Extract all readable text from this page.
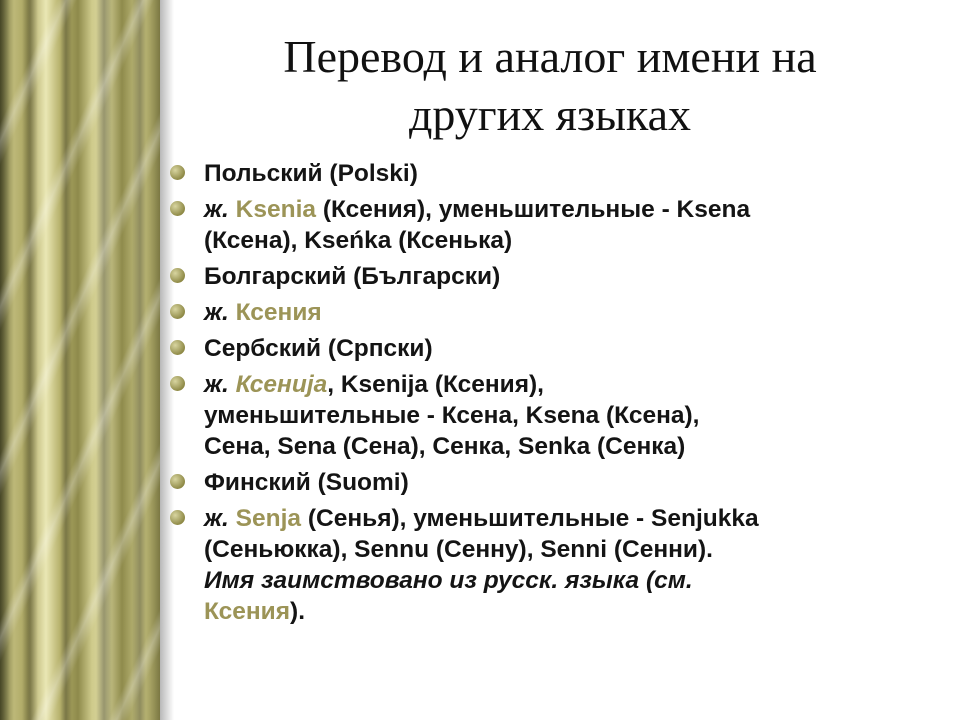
Перевод и аналог имени на
других языках
Польский (Polski)
ж. Ksenia (Ксения), уменьшительные - Ksena
(Ксена), Kseńka (Ксенька)
Болгарский (Български)
ж. Ксения
Сербский (Српски)
ж. Ксениjа, Ksenija (Ксения),
уменьшительные - Ксена, Ksena (Ксена),
Сена, Sena (Сена), Сенка, Senka (Сенка)
Финский (Suomi)
ж. Senja (Сенья), уменьшительные - Senjukka
(Сеньюкка), Sennu (Сенну), Senni (Сенни).
Имя заимствовано из русск. языка (см.
Ксения).
